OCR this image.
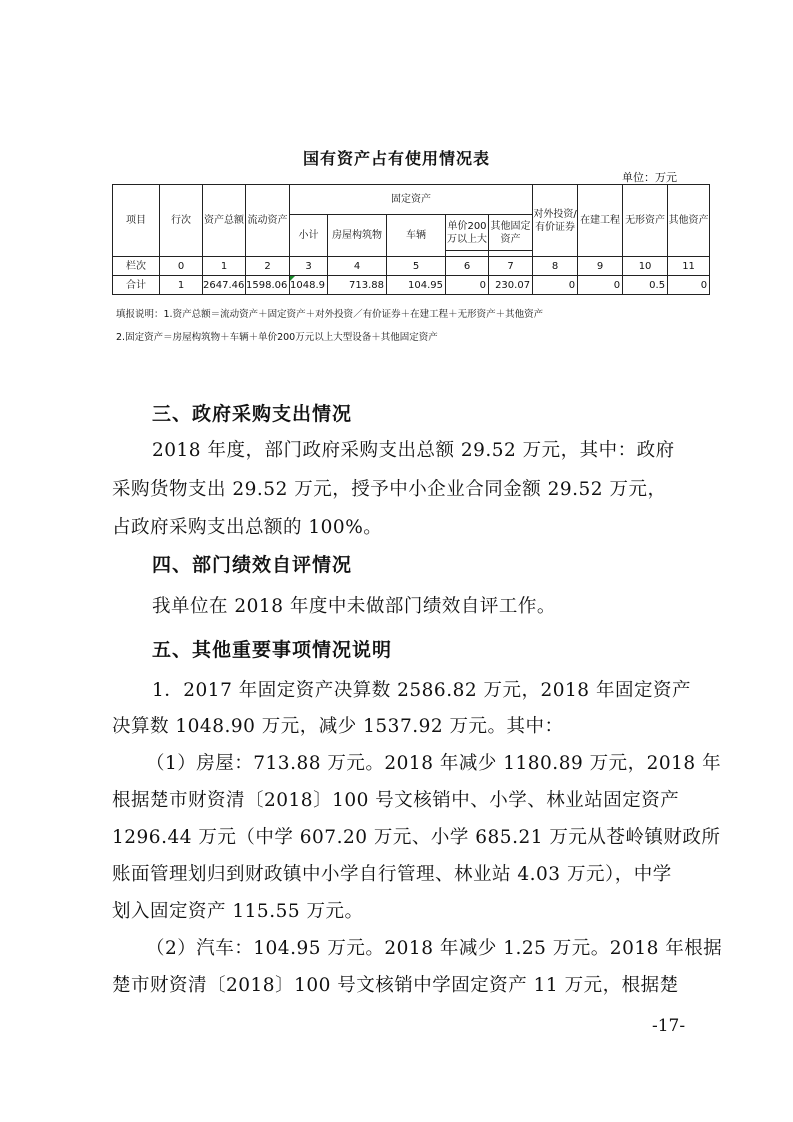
国有资产占有使用情况表
单位：万元
项目	行次	资产总额	流动资产	固定资产					对外投资/有价证券	在建工程	无形资产	其他资产
				小计	房屋构筑物	车辆	单价200万以上大	其他固定资产				

栏次	0	1	2	3	4	5	6	7	8	9	10	11
合计	1	2647.46	1598.06	1048.9	713.88	104.95	0	230.07	0	0	0.5	0
填报说明：1.资产总额＝流动资产＋固定资产＋对外投资／有价证券＋在建工程＋无形资产＋其他资产
2.固定资产＝房屋构筑物＋车辆＋单价200万元以上大型设备＋其他固定资产
三、政府采购支出情况
2018 年度，部门政府采购支出总额 29.52 万元，其中：政府
采购货物支出 29.52 万元，授予中小企业合同金额 29.52 万元，
占政府采购支出总额的 100%。
四、部门绩效自评情况
我单位在 2018 年度中未做部门绩效自评工作。
五、其他重要事项情况说明
1．2017 年固定资产决算数 2586.82 万元，2018 年固定资产
决算数 1048.90 万元，减少 1537.92 万元。其中：
（1）房屋：713.88 万元。2018 年减少 1180.89 万元，2018 年
根据楚市财资清〔2018〕100 号文核销中、小学、林业站固定资产
1296.44 万元（中学 607.20 万元、小学 685.21 万元从苍岭镇财政所
账面管理划归到财政镇中小学自行管理、林业站 4.03 万元），中学
划入固定资产 115.55 万元。
（2）汽车：104.95 万元。2018 年减少 1.25 万元。2018 年根据
楚市财资清〔2018〕100 号文核销中学固定资产 11 万元，根据楚
-17-
